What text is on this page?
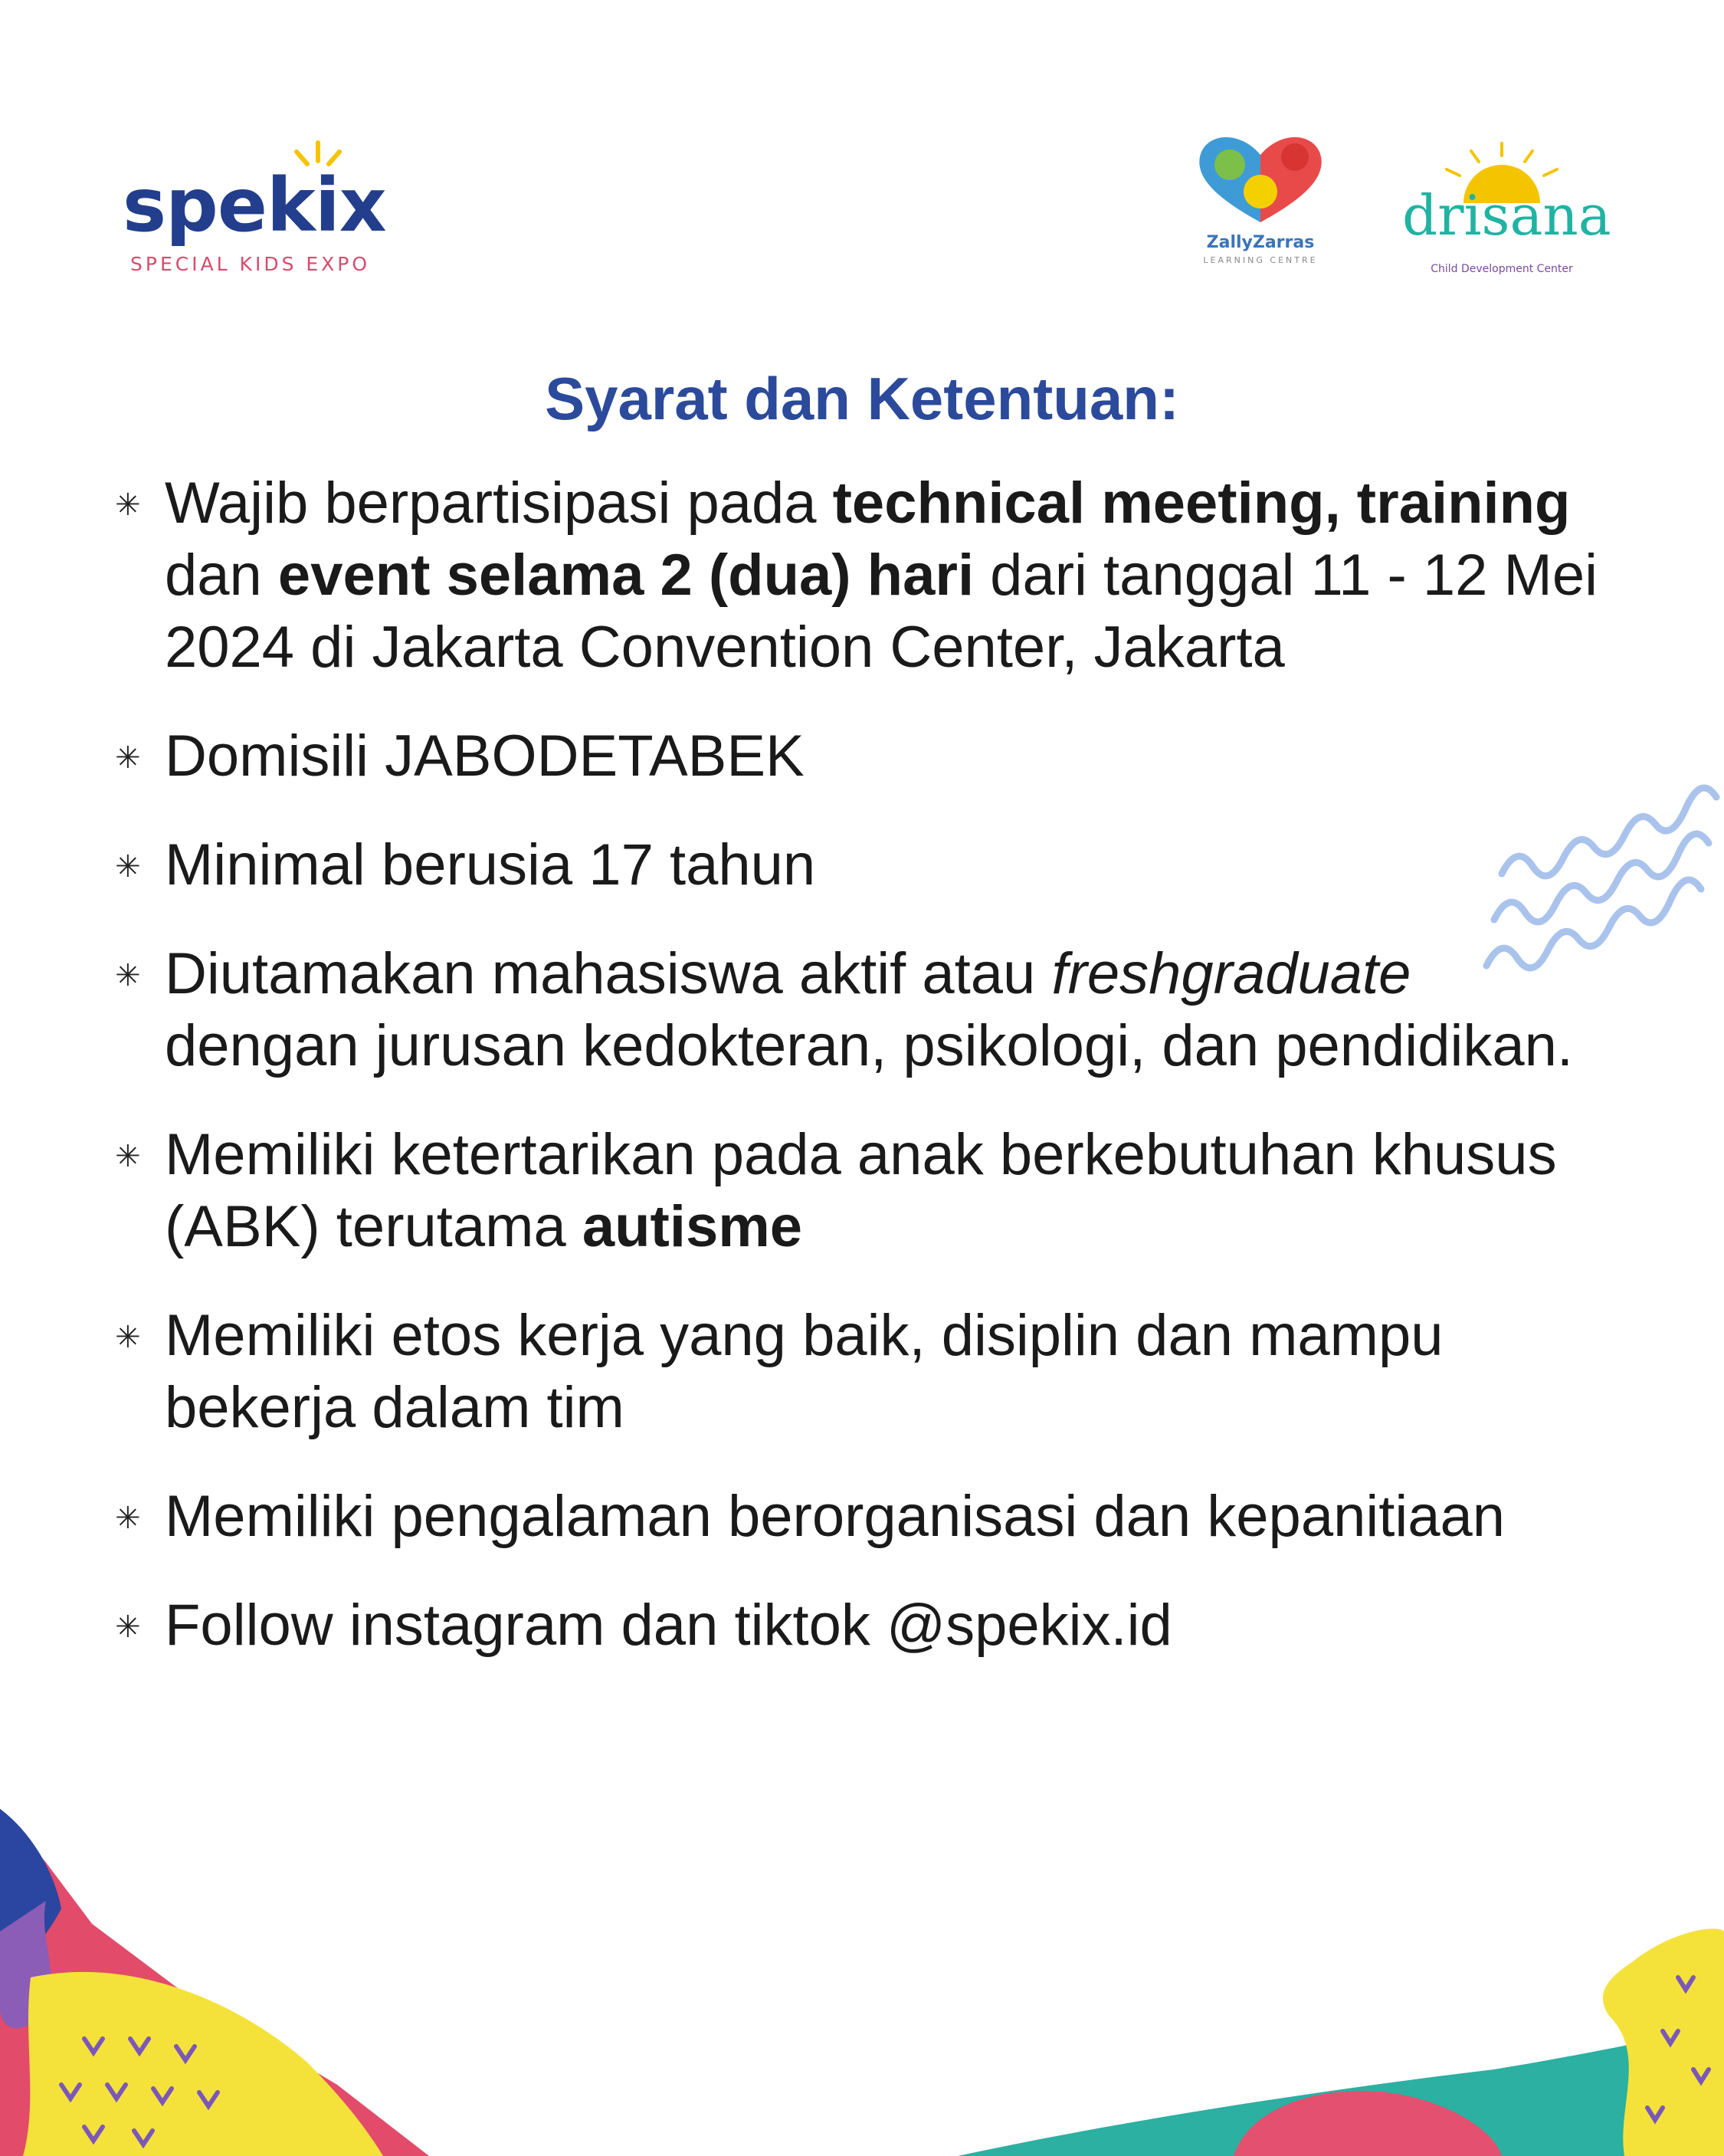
spekix
SPECIAL KIDS EXPO
ZallyZarras
LEARNING CENTRE
drisana
Child Development Center
Syarat dan Ketentuan:
✳ Wajib berpartisipasi pada technical meeting, training dan event selama 2 (dua) hari dari tanggal 11 - 12 Mei 2024 di Jakarta Convention Center, Jakarta
✳ Domisili JABODETABEK
✳ Minimal berusia 17 tahun
✳ Diutamakan mahasiswa aktif atau freshgraduate dengan jurusan kedokteran, psikologi, dan pendidikan.
✳ Memiliki ketertarikan pada anak berkebutuhan khusus (ABK) terutama autisme
✳ Memiliki etos kerja yang baik, disiplin dan mampu bekerja dalam tim
✳ Memiliki pengalaman berorganisasi dan kepanitiaan
✳ Follow instagram dan tiktok @spekix.id
